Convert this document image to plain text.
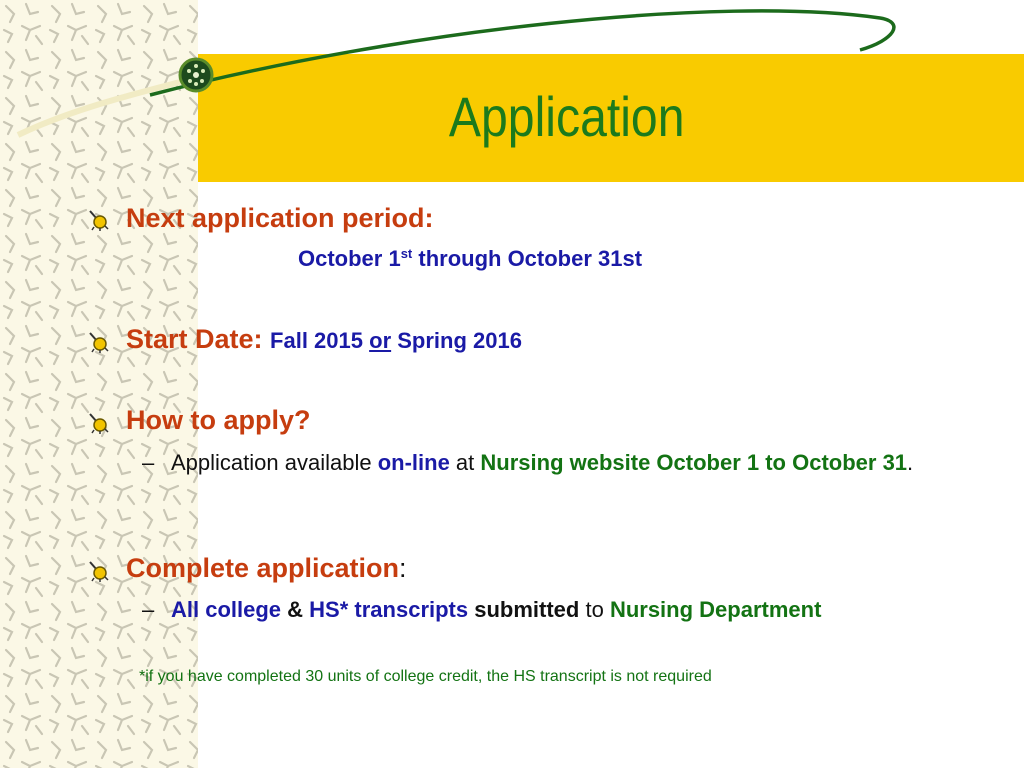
Application
Next application period:
October 1st through October 31st
Start Date: Fall 2015 or Spring 2016
How to apply?
– Application available on-line at Nursing website October 1 to October 31.
Complete application:
– All college & HS* transcripts submitted to Nursing Department
*if you have completed 30 units of college credit, the HS transcript is not required
